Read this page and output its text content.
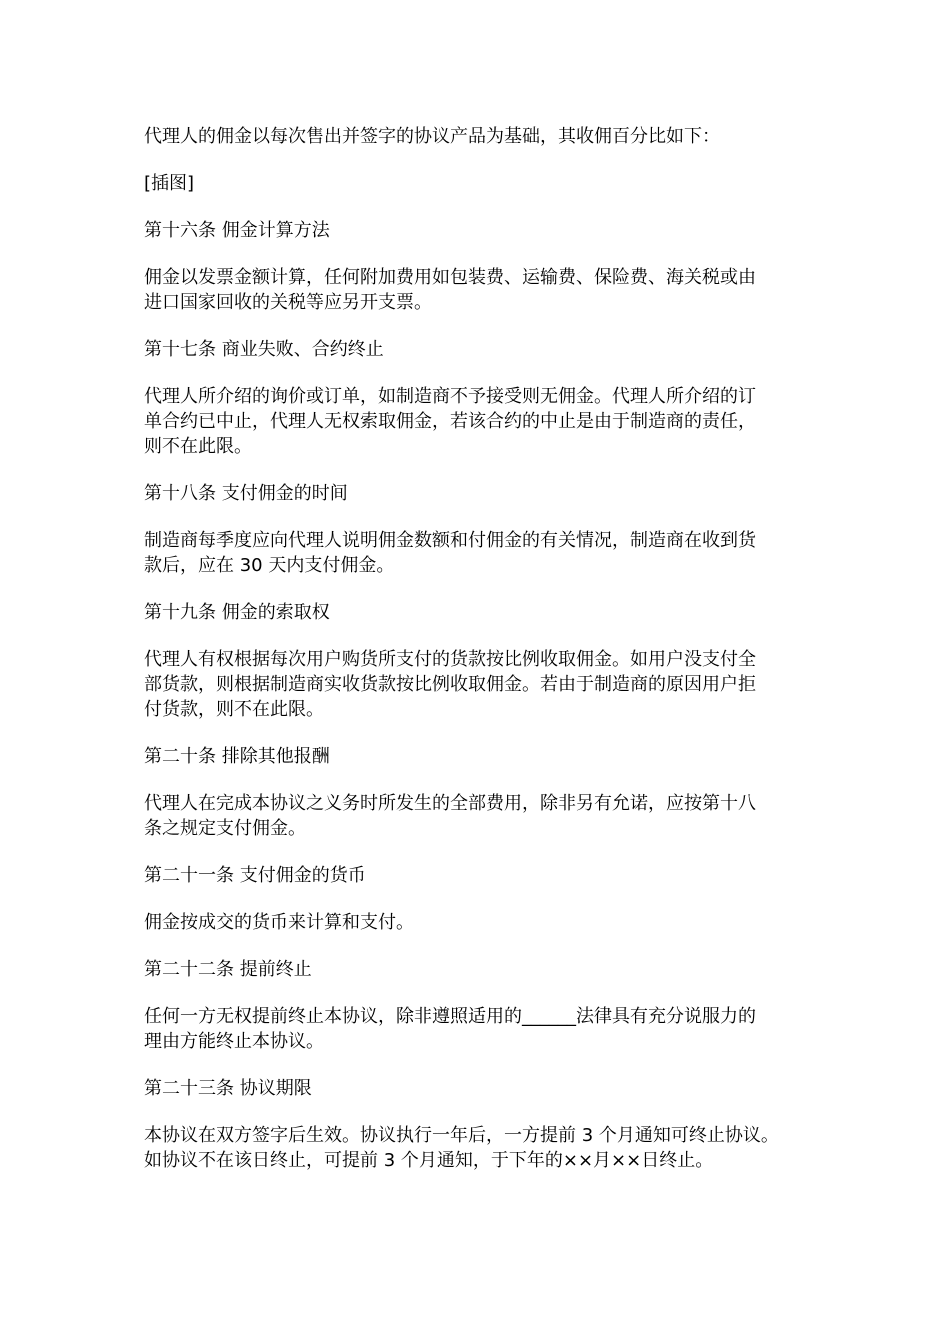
代理人的佣金以每次售出并签字的协议产品为基础，其收佣百分比如下：

[插图]

第十六条 佣金计算方法

佣金以发票金额计算，任何附加费用如包装费、运输费、保险费、海关税或由
进口国家回收的关税等应另开支票。

第十七条 商业失败、合约终止

代理人所介绍的询价或订单，如制造商不予接受则无佣金。代理人所介绍的订
单合约已中止，代理人无权索取佣金，若该合约的中止是由于制造商的责任，
则不在此限。

第十八条 支付佣金的时间

制造商每季度应向代理人说明佣金数额和付佣金的有关情况，制造商在收到货
款后，应在 30 天内支付佣金。

第十九条 佣金的索取权

代理人有权根据每次用户购货所支付的货款按比例收取佣金。如用户没支付全
部货款，则根据制造商实收货款按比例收取佣金。若由于制造商的原因用户拒
付货款，则不在此限。

第二十条 排除其他报酬

代理人在完成本协议之义务时所发生的全部费用，除非另有允诺，应按第十八
条之规定支付佣金。

第二十一条 支付佣金的货币

佣金按成交的货币来计算和支付。

第二十二条 提前终止

任何一方无权提前终止本协议，除非遵照适用的______法律具有充分说服力的
理由方能终止本协议。

第二十三条 协议期限

本协议在双方签字后生效。协议执行一年后，一方提前 3 个月通知可终止协议。
如协议不在该日终止，可提前 3 个月通知，于下年的××月××日终止。
